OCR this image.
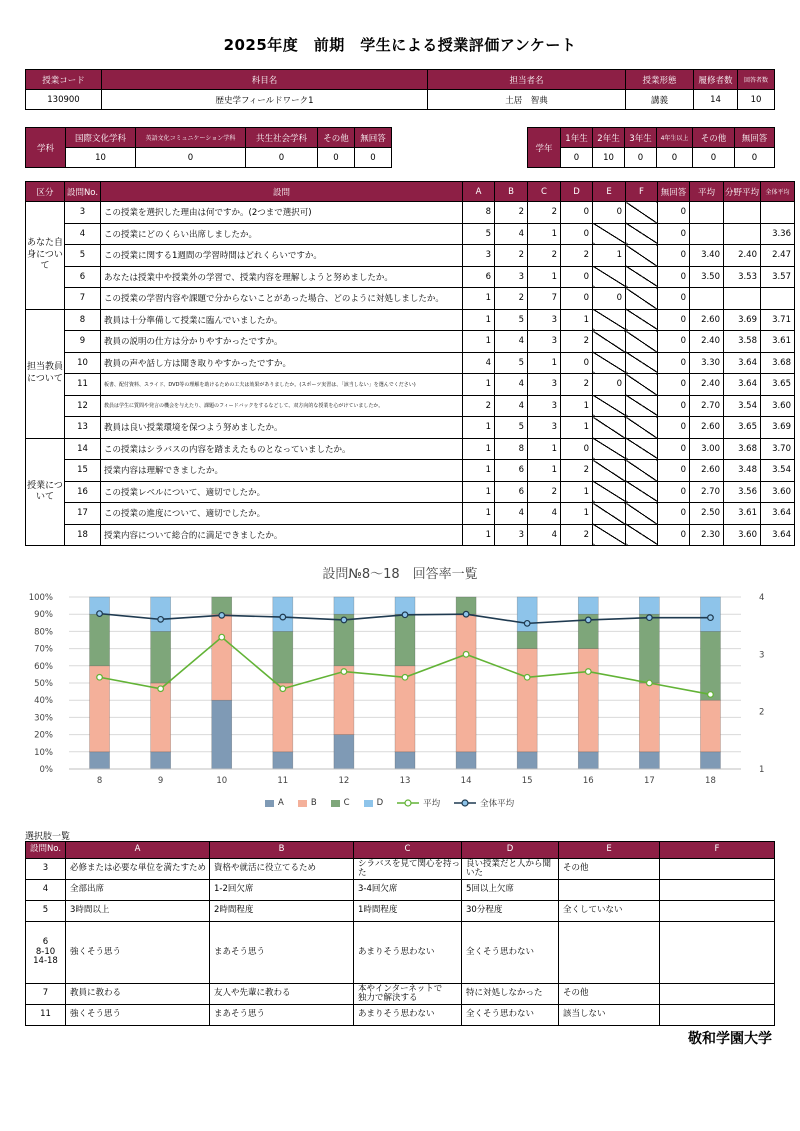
2025年度　前期　学生による授業評価アンケート
授業コード	科目名	担当者名	授業形態	履修者数	回答者数
130900	歴史学フィールドワーク1	土居　智典	講義	14	10
学科	国際文化学科	英語文化コミュニケーション学科	共生社会学科	その他	無回答
	10	0	0	0	0
学年	1年生	2年生	3年生	4年生以上	その他	無回答
	0	10	0	0	0	0
区分	設問No.	設問	A	B	C	D	E	F	無回答	平均	分野平均	全体平均
あなた自身について	3	この授業を選択した理由は何ですか。(2つまで選択可)	8	2	2	0	0		0			
	4	この授業にどのくらい出席しましたか。	5	4	1	0			0			3.36
	5	この授業に関する1週間の学習時間はどれくらいですか。	3	2	2	2	1		0	3.40	2.40	2.47
	6	あなたは授業中や授業外の学習で、授業内容を理解しようと努めましたか。	6	3	1	0			0	3.50	3.53	3.57
	7	この授業の学習内容や課題で分からないことがあった場合、どのように対処しましたか。	1	2	7	0	0		0			
担当教員について	8	教員は十分準備して授業に臨んでいましたか。	1	5	3	1			0	2.60	3.69	3.71
	9	教員の説明の仕方は分かりやすかったですか。	1	4	3	2			0	2.40	3.58	3.61
	10	教員の声や話し方は聞き取りやすかったですか。	4	5	1	0			0	3.30	3.64	3.68
	11	板書、配付資料、スライド、DVD等の理解を助けるための工夫は効果がありましたか。(スポーツ実習は、「該当しない」を選んでください)	1	4	3	2	0		0	2.40	3.64	3.65
	12	教員は学生に質問や発言の機会を与えたり、課題のフィードバックをするなどして、双方向的な授業を心がけていましたか。	2	4	3	1			0	2.70	3.54	3.60
	13	教員は良い授業環境を保つよう努めましたか。	1	5	3	1			0	2.60	3.65	3.69
授業について	14	この授業はシラバスの内容を踏まえたものとなっていましたか。	1	8	1	0			0	3.00	3.68	3.70
	15	授業内容は理解できましたか。	1	6	1	2			0	2.60	3.48	3.54
	16	この授業レベルについて、適切でしたか。	1	6	2	1			0	2.70	3.56	3.60
	17	この授業の進度について、適切でしたか。	1	4	4	1			0	2.50	3.61	3.64
	18	授業内容について総合的に満足できましたか。	1	3	4	2			0	2.30	3.60	3.64
設問№8～18　回答率一覧
0%
10%
20%
30%
40%
50%
60%
70%
80%
90%
100%
1
2
3
4
8	9	10	11	12	13	14	15	16	17	18
A	B	C	D	平均	全体平均
選択肢一覧
設問No.	A	B	C	D	E	F
3	必修または必要な単位を満たすため	資格や就活に役立てるため	シラバスを見て関心を持った	良い授業だと人から聞いた	その他	
4	全部出席	1-2回欠席	3-4回欠席	5回以上欠席		
5	3時間以上	2時間程度	1時間程度	30分程度	全くしていない	
6
8-10
14-18	強くそう思う	まあそう思う	あまりそう思わない	全くそう思わない		
7	教員に教わる	友人や先輩に教わる	本やインターネットで
独力で解決する	特に対処しなかった	その他	
11	強くそう思う	まあそう思う	あまりそう思わない	全くそう思わない	該当しない	
敬和学園大学
